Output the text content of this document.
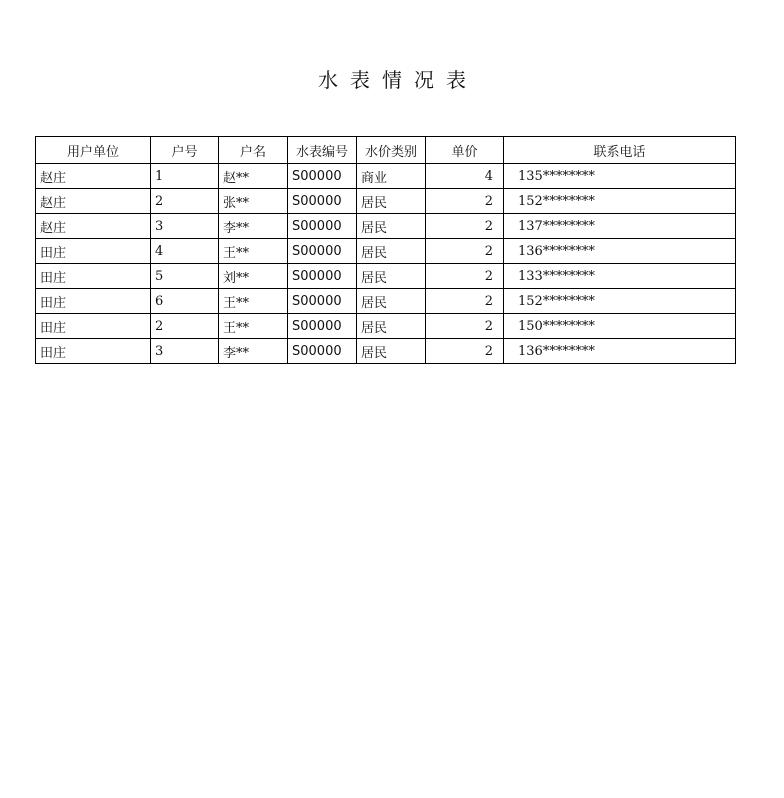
水表情况表
用户单位	户号	户名	水表编号	水价类别	单价	联系电话
赵庄	1	赵**	S00000	商业	4	135********
赵庄	2	张**	S00000	居民	2	152********
赵庄	3	李**	S00000	居民	2	137********
田庄	4	王**	S00000	居民	2	136********
田庄	5	刘**	S00000	居民	2	133********
田庄	6	王**	S00000	居民	2	152********
田庄	2	王**	S00000	居民	2	150********
田庄	3	李**	S00000	居民	2	136********
